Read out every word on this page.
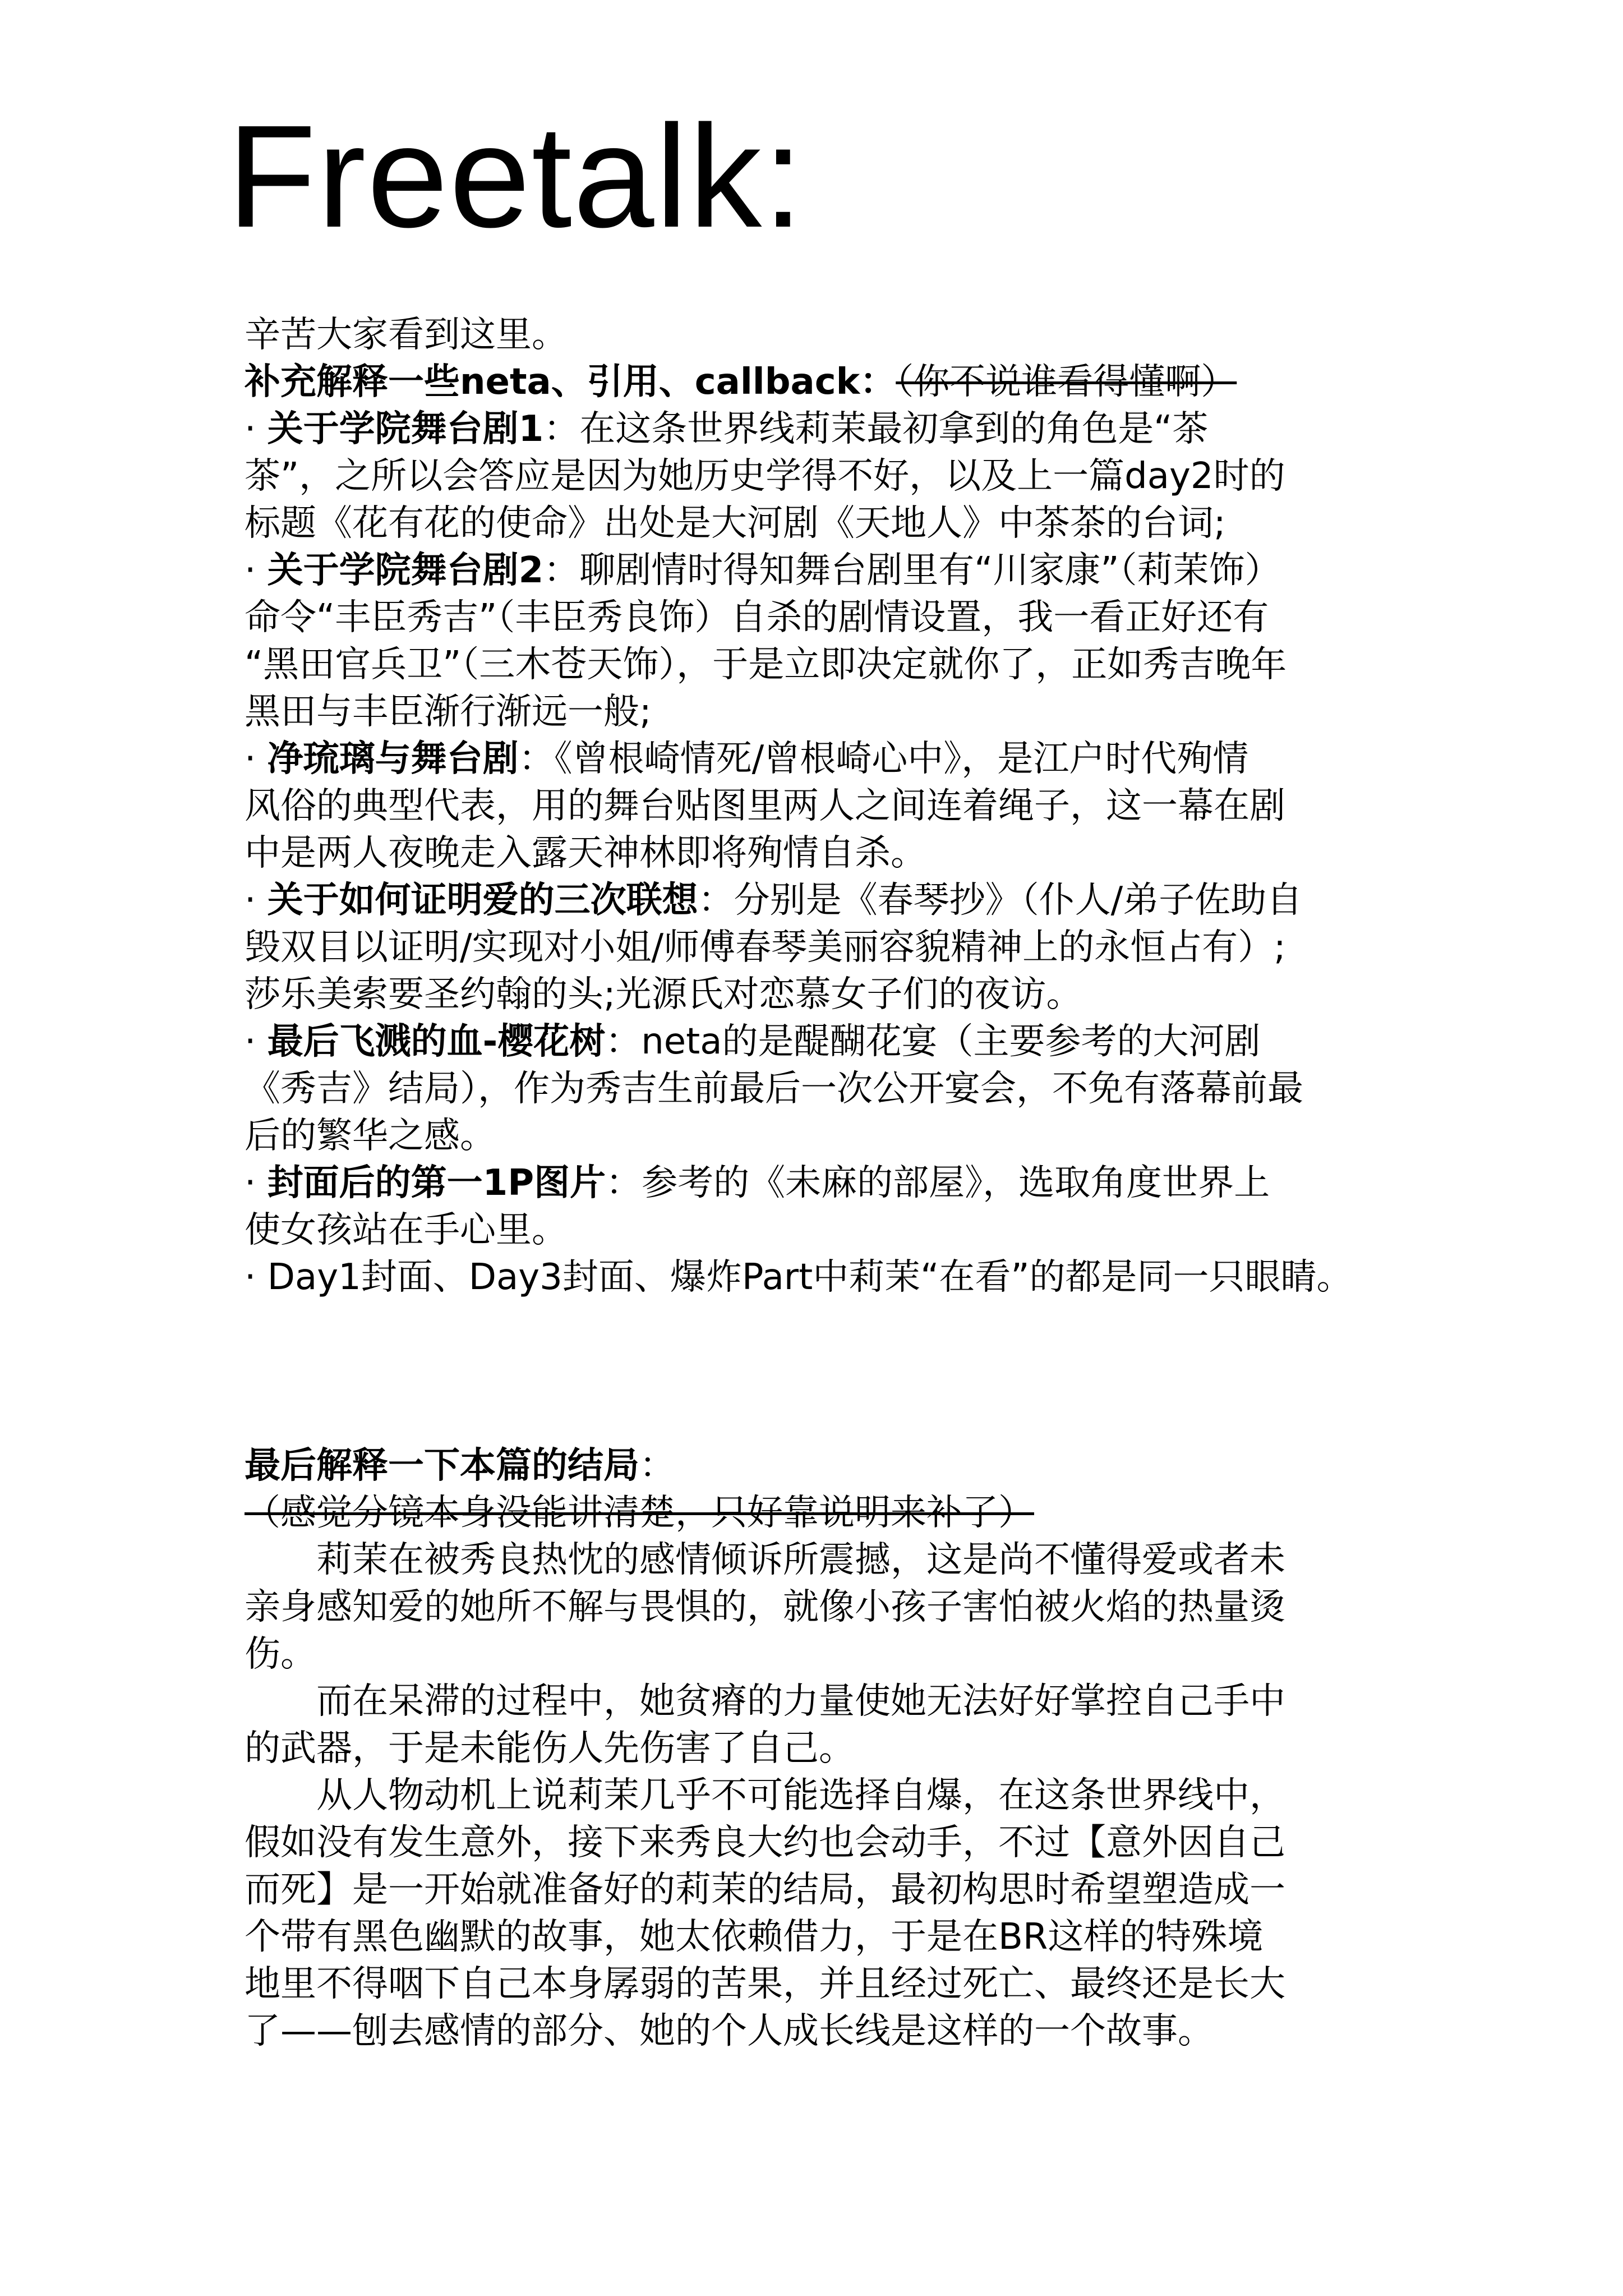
Freetalk:
辛苦大家看到这里。
补充解释一些neta、引用、callback：（你不说谁看得懂啊）
· 关于学院舞台剧1：在这条世界线莉茉最初拿到的角色是“茶
茶”，之所以会答应是因为她历史学得不好，以及上一篇day2时的
标题《花有花的使命》出处是大河剧《天地人》中茶茶的台词;
· 关于学院舞台剧2：聊剧情时得知舞台剧里有“川家康”（莉茉饰）
命令“丰臣秀吉”（丰臣秀良饰）自杀的剧情设置，我一看正好还有
“黑田官兵卫”（三木苍天饰），于是立即决定就你了，正如秀吉晚年
黑田与丰臣渐行渐远一般;
· 净琉璃与舞台剧：《曾根崎情死/曾根崎心中》，是江户时代殉情
风俗的典型代表，用的舞台贴图里两人之间连着绳子，这一幕在剧
中是两人夜晚走入露天神林即将殉情自杀。
· 关于如何证明爱的三次联想：分别是《春琴抄》（仆人/弟子佐助自
毁双目以证明/实现对小姐/师傅春琴美丽容貌精神上的永恒占有）;
莎乐美索要圣约翰的头;光源氏对恋慕女子们的夜访。
· 最后飞溅的血-樱花树：neta的是醍醐花宴（主要参考的大河剧
《秀吉》结局），作为秀吉生前最后一次公开宴会，不免有落幕前最
后的繁华之感。
· 封面后的第一1P图片：参考的《未麻的部屋》，选取角度世界上
使女孩站在手心里。
· Day1封面、Day3封面、爆炸Part中莉茉“在看”的都是同一只眼睛。
最后解释一下本篇的结局：
（感觉分镜本身没能讲清楚，只好靠说明来补了）
莉茉在被秀良热忱的感情倾诉所震撼，这是尚不懂得爱或者未
亲身感知爱的她所不解与畏惧的，就像小孩子害怕被火焰的热量烫
伤。
而在呆滞的过程中，她贫瘠的力量使她无法好好掌控自己手中
的武器，于是未能伤人先伤害了自己。
从人物动机上说莉茉几乎不可能选择自爆，在这条世界线中，
假如没有发生意外，接下来秀良大约也会动手，不过【意外因自己
而死】是一开始就准备好的莉茉的结局，最初构思时希望塑造成一
个带有黑色幽默的故事，她太依赖借力，于是在BR这样的特殊境
地里不得咽下自己本身孱弱的苦果，并且经过死亡、最终还是长大
了——刨去感情的部分、她的个人成长线是这样的一个故事。
